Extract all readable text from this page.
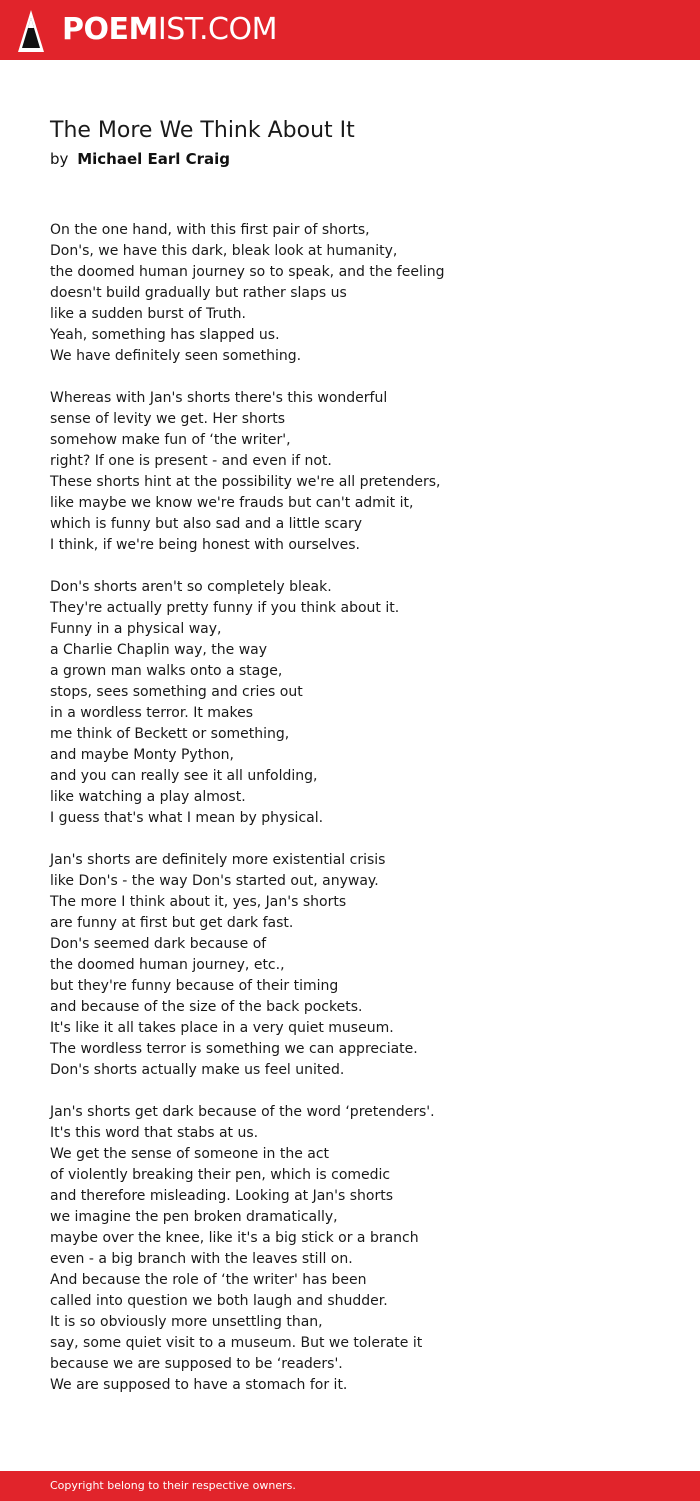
POEMIST.COM
The More We Think About It
by Michael Earl Craig
On the one hand, with this first pair of shorts,
Don's, we have this dark, bleak look at humanity,
the doomed human journey so to speak, and the feeling
doesn't build gradually but rather slaps us
like a sudden burst of Truth.
Yeah, something has slapped us.
We have definitely seen something.
Whereas with Jan's shorts there's this wonderful
sense of levity we get. Her shorts
somehow make fun of ‘the writer',
right? If one is present - and even if not.
These shorts hint at the possibility we're all pretenders,
like maybe we know we're frauds but can't admit it,
which is funny but also sad and a little scary
I think, if we're being honest with ourselves.
Don's shorts aren't so completely bleak.
They're actually pretty funny if you think about it.
Funny in a physical way,
a Charlie Chaplin way, the way
a grown man walks onto a stage,
stops, sees something and cries out
in a wordless terror. It makes
me think of Beckett or something,
and maybe Monty Python,
and you can really see it all unfolding,
like watching a play almost.
I guess that's what I mean by physical.
Jan's shorts are definitely more existential crisis
like Don's - the way Don's started out, anyway.
The more I think about it, yes, Jan's shorts
are funny at first but get dark fast.
Don's seemed dark because of
the doomed human journey, etc.,
but they're funny because of their timing
and because of the size of the back pockets.
It's like it all takes place in a very quiet museum.
The wordless terror is something we can appreciate.
Don's shorts actually make us feel united.
Jan's shorts get dark because of the word ‘pretenders'.
It's this word that stabs at us.
We get the sense of someone in the act
of violently breaking their pen, which is comedic
and therefore misleading. Looking at Jan's shorts
we imagine the pen broken dramatically,
maybe over the knee, like it's a big stick or a branch
even - a big branch with the leaves still on.
And because the role of ‘the writer' has been
called into question we both laugh and shudder.
It is so obviously more unsettling than,
say, some quiet visit to a museum. But we tolerate it
because we are supposed to be ‘readers'.
We are supposed to have a stomach for it.
Copyright belong to their respective owners.
